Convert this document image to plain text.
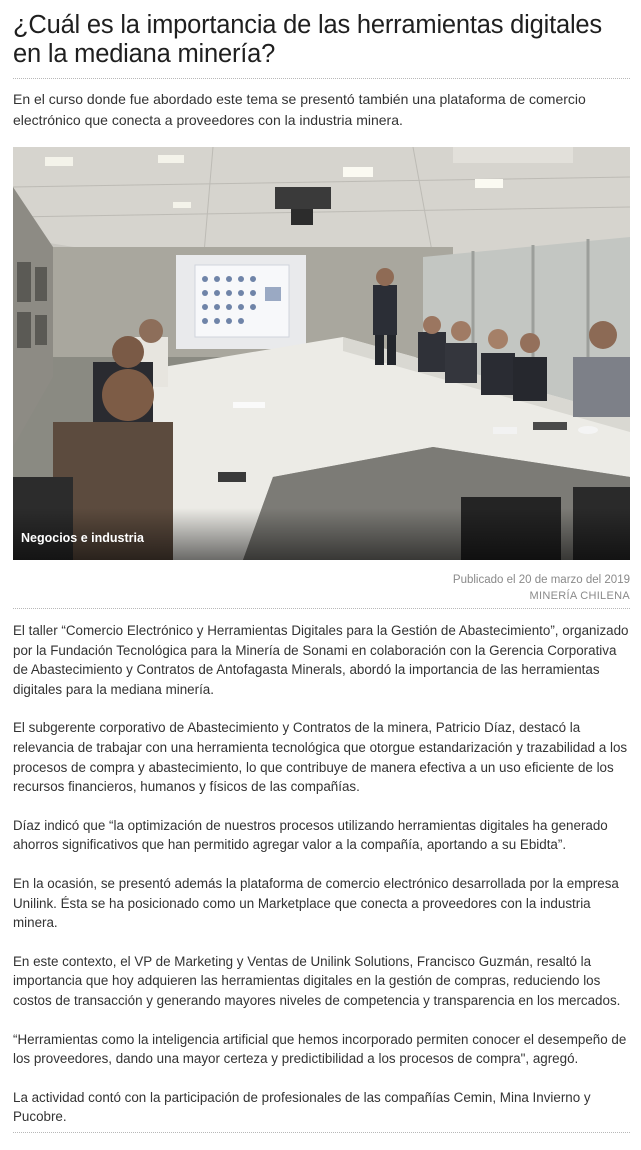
¿Cuál es la importancia de las herramientas digitales en la mediana minería?

En el curso donde fue abordado este tema se presentó también una plataforma de comercio electrónico que conecta a proveedores con la industria minera.

Negocios e industria
Publicado el 20 de marzo del 2019
MINERÍA CHILENA

El taller “Comercio Electrónico y Herramientas Digitales para la Gestión de Abastecimiento”, organizado por la Fundación Tecnológica para la Minería de Sonami en colaboración con la Gerencia Corporativa de Abastecimiento y Contratos de Antofagasta Minerals, abordó la importancia de las herramientas digitales para la mediana minería.

El subgerente corporativo de Abastecimiento y Contratos de la minera, Patricio Díaz, destacó la relevancia de trabajar con una herramienta tecnológica que otorgue estandarización y trazabilidad a los procesos de compra y abastecimiento, lo que contribuye de manera efectiva a un uso eficiente de los recursos financieros, humanos y físicos de las compañías.

Díaz indicó que “la optimización de nuestros procesos utilizando herramientas digitales ha generado ahorros significativos que han permitido agregar valor a la compañía, aportando a su Ebidta”.

En la ocasión, se presentó además la plataforma de comercio electrónico desarrollada por la empresa Unilink. Ésta se ha posicionado como un Marketplace que conecta a proveedores con la industria minera.

En este contexto, el VP de Marketing y Ventas de Unilink Solutions, Francisco Guzmán, resaltó la importancia que hoy adquieren las herramientas digitales en la gestión de compras, reduciendo los costos de transacción y generando mayores niveles de competencia y transparencia en los mercados.

“Herramientas como la inteligencia artificial que hemos incorporado permiten conocer el desempeño de los proveedores, dando una mayor certeza y predictibilidad a los procesos de compra", agregó.

La actividad contó con la participación de profesionales de las compañías Cemin, Mina Invierno y Pucobre.
